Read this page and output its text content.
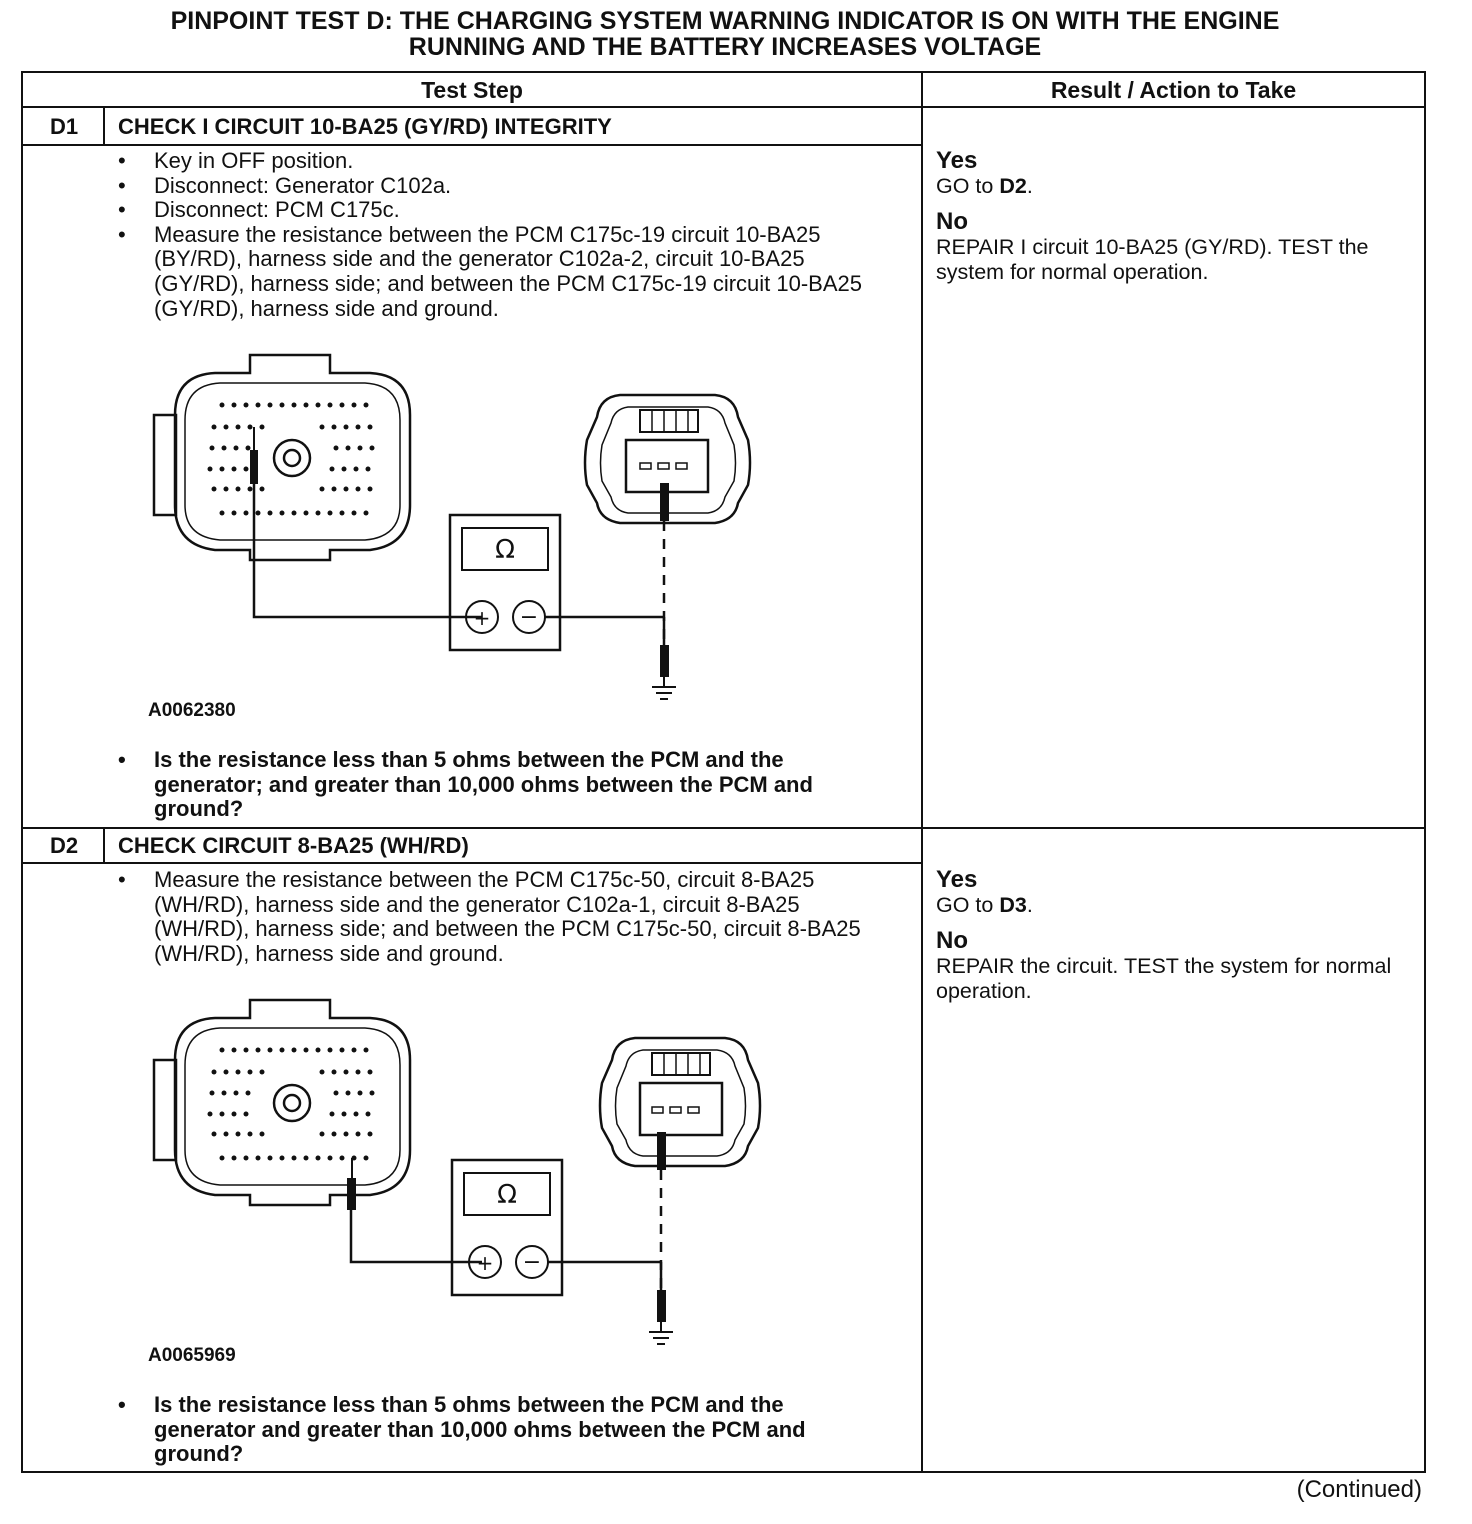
PINPOINT TEST D: THE CHARGING SYSTEM WARNING INDICATOR IS ON WITH THE ENGINE
RUNNING AND THE BATTERY INCREASES VOLTAGE
Test Step	Result / Action to Take
D1	CHECK I CIRCUIT 10-BA25 (GY/RD) INTEGRITY
• Key in OFF position.
• Disconnect: Generator C102a.
• Disconnect: PCM C175c.
• Measure the resistance between the PCM C175c-19 circuit 10-BA25 (BY/RD), harness side and the generator C102a-2, circuit 10-BA25 (GY/RD), harness side; and between the PCM C175c-19 circuit 10-BA25 (GY/RD), harness side and ground.
Ω
+ −
A0062380
• Is the resistance less than 5 ohms between the PCM and the generator; and greater than 10,000 ohms between the PCM and ground?
Yes
GO to D2.
No
REPAIR I circuit 10-BA25 (GY/RD). TEST the system for normal operation.
D2	CHECK CIRCUIT 8-BA25 (WH/RD)
• Measure the resistance between the PCM C175c-50, circuit 8-BA25 (WH/RD), harness side and the generator C102a-1, circuit 8-BA25 (WH/RD), harness side; and between the PCM C175c-50, circuit 8-BA25 (WH/RD), harness side and ground.
Ω
+ −
A0065969
• Is the resistance less than 5 ohms between the PCM and the generator and greater than 10,000 ohms between the PCM and ground?
Yes
GO to D3.
No
REPAIR the circuit. TEST the system for normal operation.
(Continued)
